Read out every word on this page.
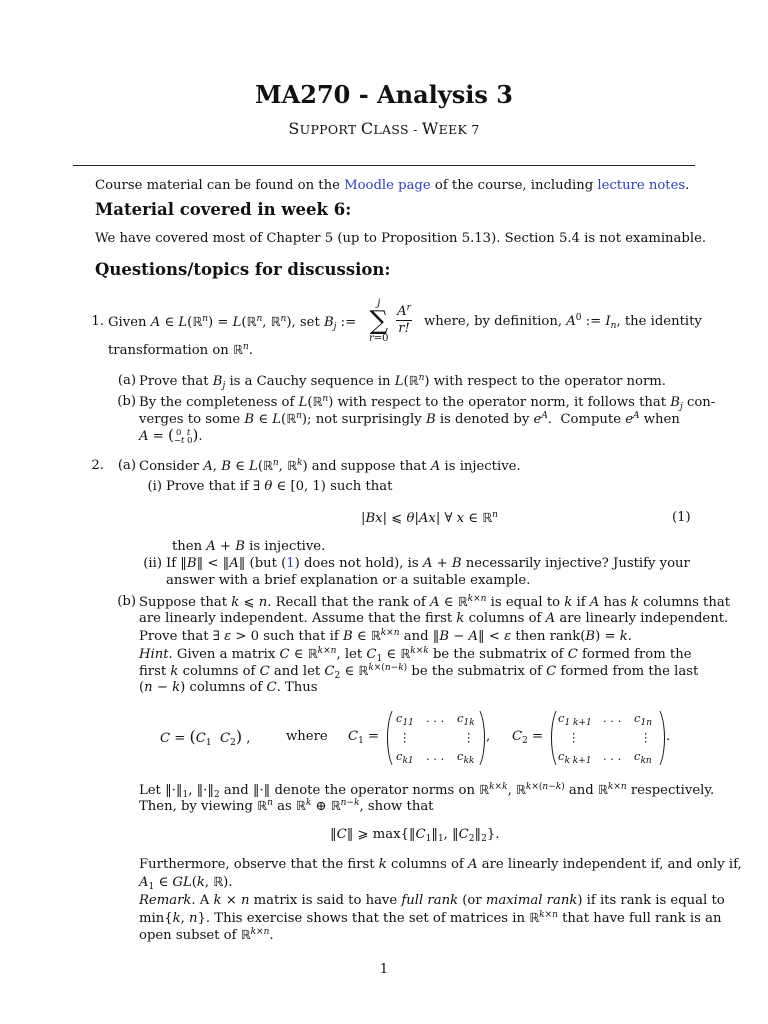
MA270 - Analysis 3
SUPPORT CLASS - WEEK 7
Course material can be found on the Moodle page of the course, including lecture notes.
Material covered in week 6:
We have covered most of Chapter 5 (up to Proposition 5.13). Section 5.4 is not examinable.
Questions/topics for discussion:
1. Given A ∈ L(ℝ$^n$) = L(ℝ$^n$, ℝ$^n$), set $B_j$ :=
j
∑
r=0
$A^r$
r! where, by definition, $A^0$ := $I_n$, the identity
transformation on ℝ$^n$.
(a) Prove that $B_j$ is a Cauchy sequence in L(ℝ$^n$) with respect to the operator norm.
(b) By the completeness of L(ℝ$^n$) with respect to the operator norm, it follows that $B_j$ con-
verges to some B ∈ L(ℝ$^n$); not surprisingly B is denoted by $e^A$.  Compute $e^A$ when
A = ( 0  t
−t 0).
2.	(a) Consider A, B ∈ L(ℝ$^n$, ℝ$^k$) and suppose that A is injective.
(i) Prove that if ∃ θ ∈ [0, 1) such that
|Bx| ⩽ θ|Ax| ∀ x ∈ ℝ$^n$	(1)
then A + B is injective.
(ii) If ‖B‖ < ‖A‖ (but (1) does not hold), is A + B necessarily injective? Justify your
answer with a brief explanation or a suitable example.
(b) Suppose that k ⩽ n. Recall that the rank of A ∈ ℝ$^{k\times n}$ is equal to k if A has k columns that
are linearly independent. Assume that the first k columns of A are linearly independent.
Prove that ∃ ε > 0 such that if B ∈ ℝ$^{k\times n}$ and ‖B − A‖ < ε then rank(B) = k.
Hint. Given a matrix C ∈ ℝ$^{k\times n}$, let $C_1$ ∈ ℝ$^{k\times k}$ be the submatrix of C formed from the
first k columns of C and let $C_2$ ∈ ℝ$^{k\times(n-k)}$ be the submatrix of C formed from the last
(n − k) columns of C. Thus
$C = (C_1$ $C_2$) ,	where $C_1$ =
$c_{11}$ . . . $c_{1k}$
⋮	⋮
$c_{k1}$ . . . $c_{kk}$
, $C_2$ =
$c_{1 k+1}$ . . . $c_{1n}$
⋮	⋮
$c_{k k+1}$ . . . $c_{kn}$
.
Let $‖\cdot‖_1$, $‖\cdot‖_2$ and ‖·‖ denote the operator norms on ℝ$^{k\times k}$, ℝ$^{k\times(n-k)}$ and ℝ$^{k\times n}$ respectively.
Then, by viewing ℝ$^n$ as ℝ$^k$ ⊕ ℝ$^{n-k}$, show that
‖C‖ ⩾ $\max\{‖C_1‖_1$, $‖C_2‖_2$}.
Furthermore, observe that the first k columns of A are linearly independent if, and only if,
$A_1$ ∈ GL(k, ℝ).
Remark. A k × n matrix is said to have full rank (or maximal rank) if its rank is equal to
min{k, n}. This exercise shows that the set of matrices in ℝ$^{k\times n}$ that have full rank is an
open subset of ℝ$^{k\times n}$.
1
